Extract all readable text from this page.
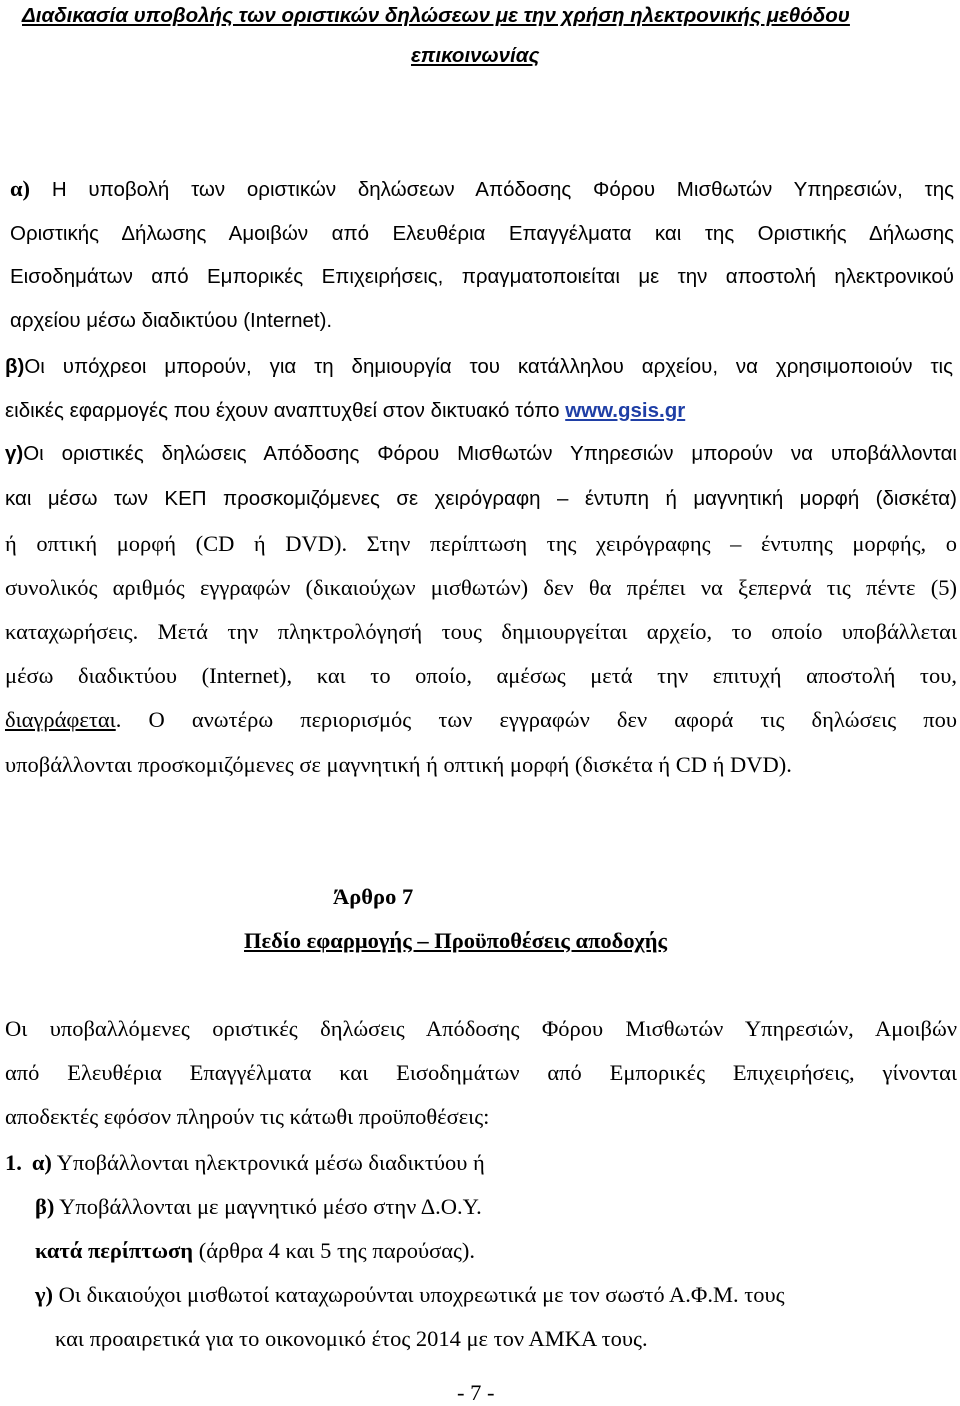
Διαδικασία υποβολής των οριστικών δηλώσεων με την χρήση ηλεκτρονικής μεθόδου
επικοινωνίας
α) Η υποβολή των οριστικών δηλώσεων Απόδοσης Φόρου Μισθωτών Υπηρεσιών, της
Οριστικής Δήλωσης Αμοιβών από Ελευθέρια Επαγγέλματα και της Οριστικής Δήλωσης
Εισοδημάτων από Εμπορικές Επιχειρήσεις, πραγματοποιείται με την αποστολή ηλεκτρονικού
αρχείου μέσω διαδικτύου (Internet).
β)Οι υπόχρεοι μπορούν, για τη δημιουργία του κατάλληλου αρχείου, να χρησιμοποιούν τις
ειδικές εφαρμογές που έχουν αναπτυχθεί στον δικτυακό τόπο www.gsis.gr
γ)Οι οριστικές δηλώσεις Απόδοσης Φόρου Μισθωτών Υπηρεσιών μπορούν να υποβάλλονται
και μέσω των ΚΕΠ προσκομιζόμενες σε χειρόγραφη – έντυπη ή μαγνητική μορφή (δισκέτα)
ή οπτική μορφή (CD ή DVD). Στην περίπτωση της χειρόγραφης – έντυπης μορφής, ο
συνολικός αριθμός εγγραφών (δικαιούχων μισθωτών) δεν θα πρέπει να ξεπερνά τις πέντε (5)
καταχωρήσεις. Μετά την πληκτρολόγησή τους δημιουργείται αρχείο, το οποίο υποβάλλεται
μέσω διαδικτύου (Internet), και το οποίο, αμέσως μετά την επιτυχή αποστολή του,
διαγράφεται. Ο ανωτέρω περιορισμός των εγγραφών δεν αφορά τις δηλώσεις που
υποβάλλονται προσκομιζόμενες σε μαγνητική ή οπτική μορφή (δισκέτα ή CD ή DVD).
Άρθρο 7
Πεδίο εφαρμογής – Προϋποθέσεις αποδοχής
Οι υποβαλλόμενες οριστικές δηλώσεις Απόδοσης Φόρου Μισθωτών Υπηρεσιών, Αμοιβών
από Ελευθέρια Επαγγέλματα και Εισοδημάτων από Εμπορικές Επιχειρήσεις, γίνονται
αποδεκτές εφόσον πληρούν τις κάτωθι προϋποθέσεις:
1. α) Υποβάλλονται ηλεκτρονικά μέσω διαδικτύου ή
β) Υποβάλλονται με μαγνητικό μέσο στην Δ.Ο.Υ.
κατά περίπτωση (άρθρα 4 και 5 της παρούσας).
γ) Οι δικαιούχοι μισθωτοί καταχωρούνται υποχρεωτικά με τον σωστό Α.Φ.Μ. τους
και προαιρετικά για το οικονομικό έτος 2014 με τον ΑΜΚΑ τους.
- 7 -
